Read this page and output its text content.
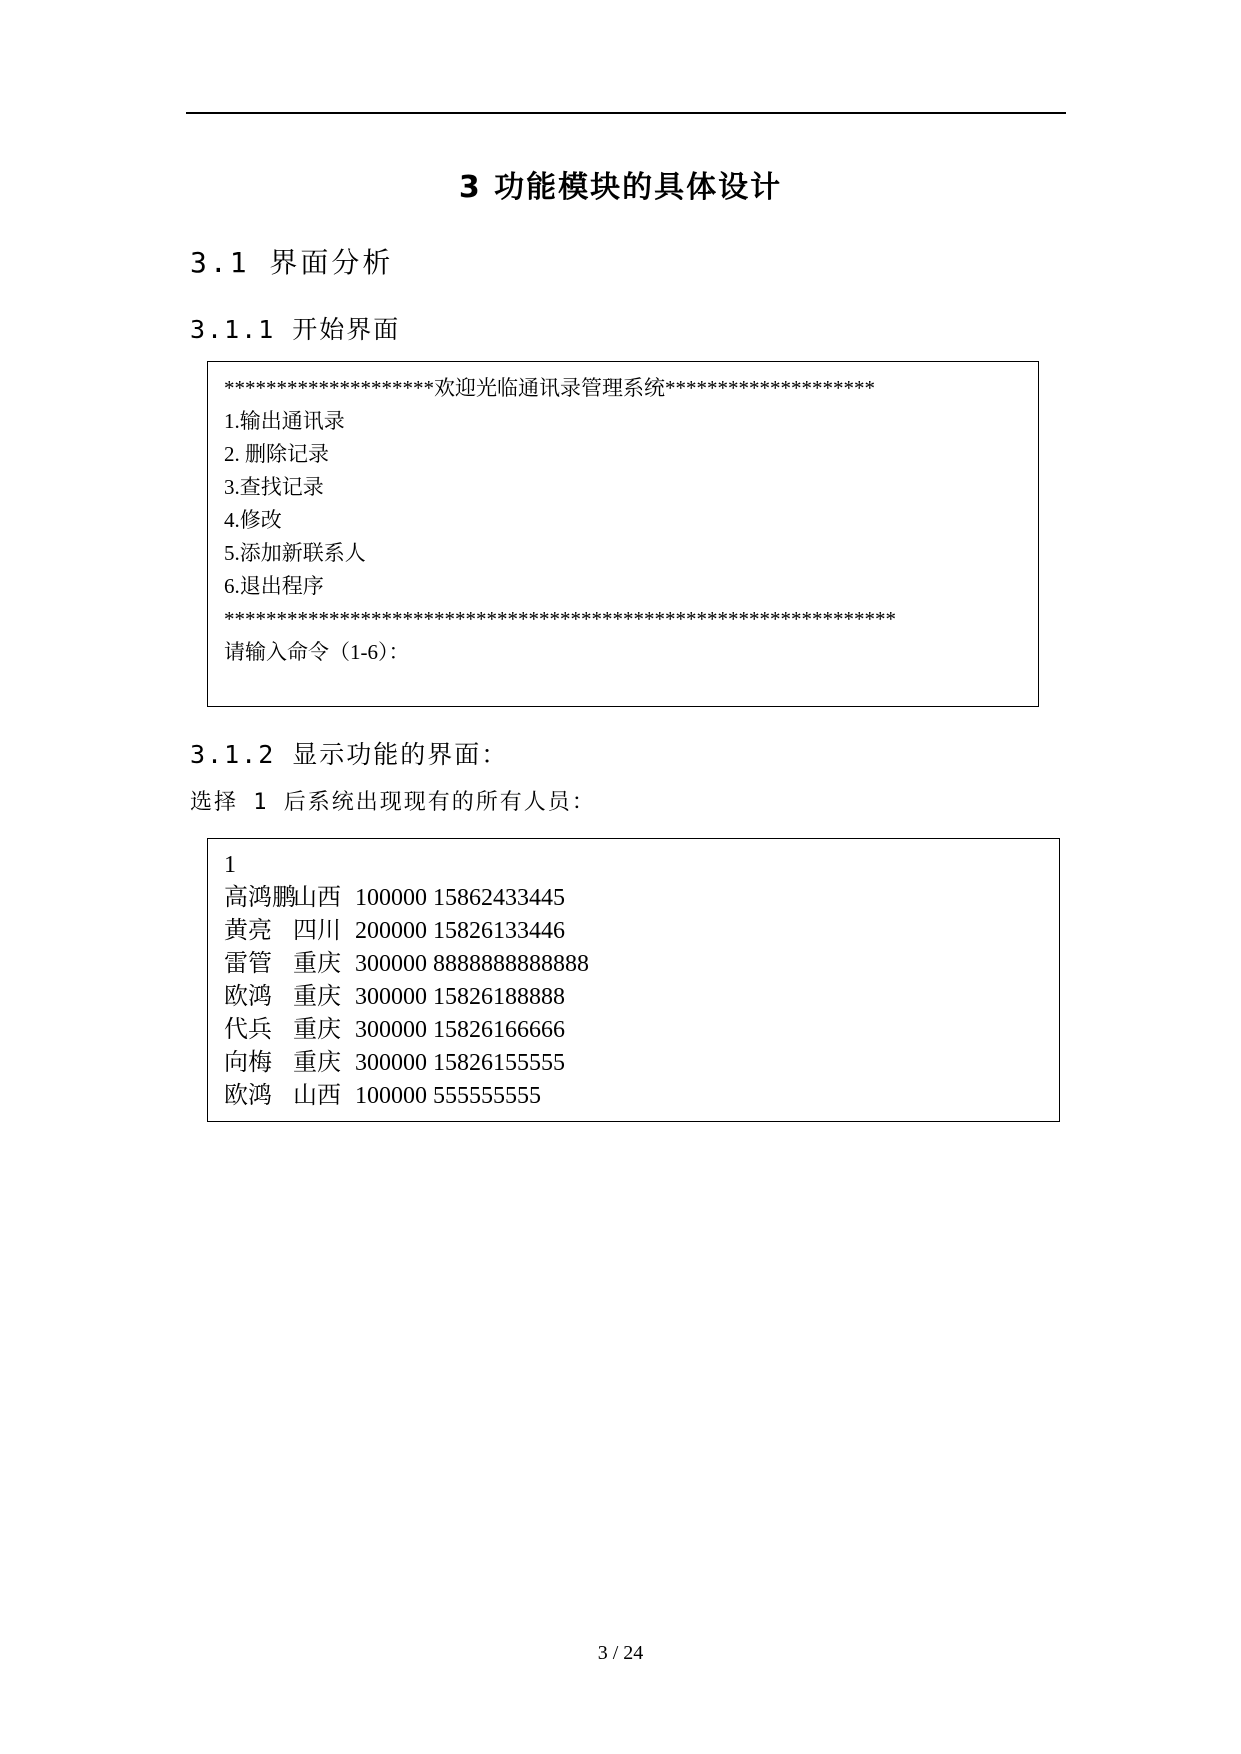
3 功能模块的具体设计
3.1 界面分析
3.1.1 开始界面
********************欢迎光临通讯录管理系统********************
1.输出通讯录
2. 删除记录
3.查找记录
4.修改
5.添加新联系人
6.退出程序
****************************************************************
请输入命令（1-6）：
3.1.2 显示功能的界面：
选择 1 后系统出现现有的所有人员：
1
高鸿鹏 山西 100000 15862433445
黄亮 四川 200000 15826133446
雷管 重庆 300000 8888888888888
欧鸿 重庆 300000 15826188888
代兵 重庆 300000 15826166666
向梅 重庆 300000 15826155555
欧鸿 山西 100000 555555555
3 / 24
